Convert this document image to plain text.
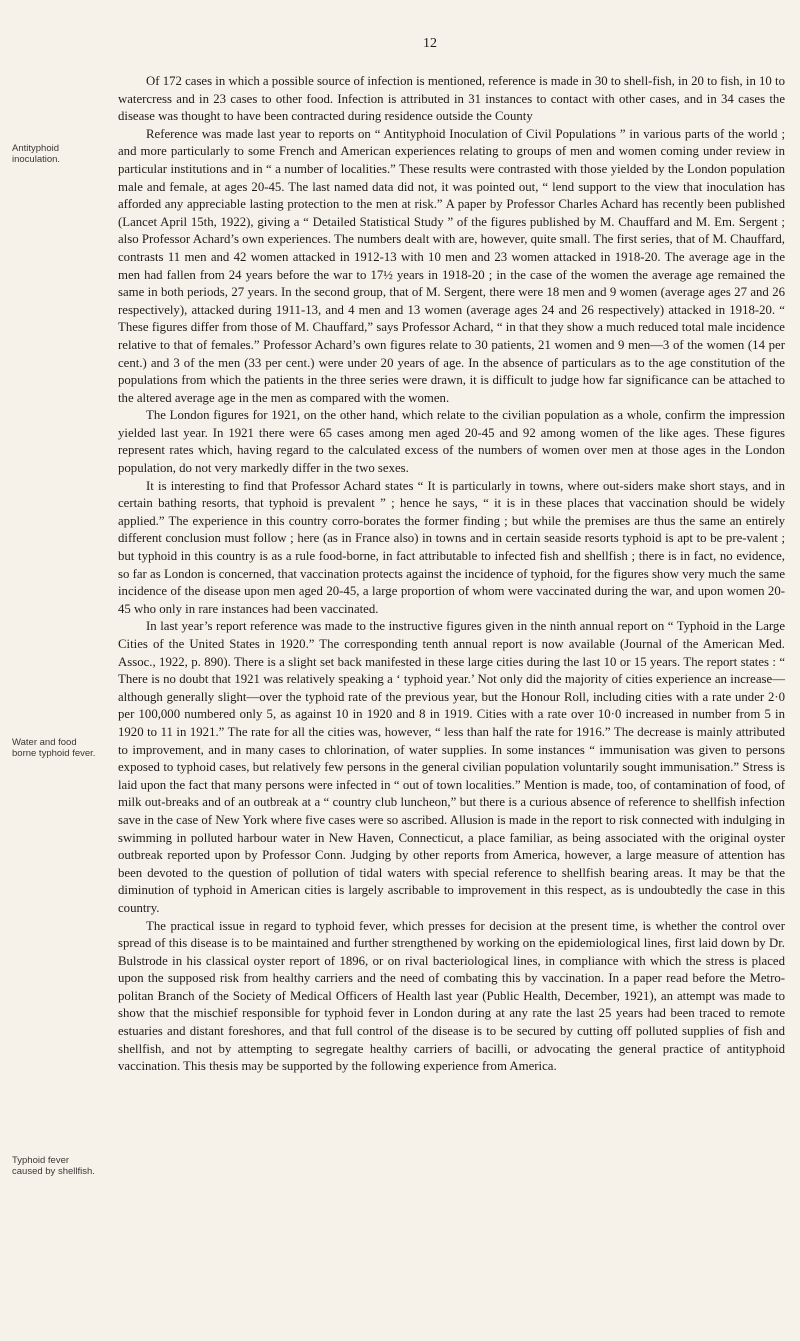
12
Antityphoid inoculation.
Water and food borne typhoid fever.
Typhoid fever caused by shellfish.

Of 172 cases in which a possible source of infection is mentioned, reference is made in 30 to shell-fish, in 20 to fish, in 10 to watercress and in 23 cases to other food. Infection is attributed in 31 instances to contact with other cases, and in 34 cases the disease was thought to have been contracted during residence outside the County

Reference was made last year to reports on “ Antityphoid Inoculation of Civil Populations ” in various parts of the world ; and more particularly to some French and American experiences relating to groups of men and women coming under review in particular institutions and in “ a number of localities.” These results were contrasted with those yielded by the London population male and female, at ages 20-45. The last named data did not, it was pointed out, “ lend support to the view that inoculation has afforded any appreciable lasting protection to the men at risk.” A paper by Professor Charles Achard has recently been published (Lancet April 15th, 1922), giving a “ Detailed Statistical Study ” of the figures published by M. Chauffard and M. Em. Sergent ; also Professor Achard’s own experiences. The numbers dealt with are, however, quite small. The first series, that of M. Chauffard, contrasts 11 men and 42 women attacked in 1912-13 with 10 men and 23 women attacked in 1918-20. The average age in the men had fallen from 24 years before the war to 17½ years in 1918-20 ; in the case of the women the average age remained the same in both periods, 27 years. In the second group, that of M. Sergent, there were 18 men and 9 women (average ages 27 and 26 respectively), attacked during 1911-13, and 4 men and 13 women (average ages 24 and 26 respectively) attacked in 1918-20. “ These figures differ from those of M. Chauffard,” says Professor Achard, “ in that they show a much reduced total male incidence relative to that of females.” Professor Achard’s own figures relate to 30 patients, 21 women and 9 men—3 of the women (14 per cent.) and 3 of the men (33 per cent.) were under 20 years of age. In the absence of particulars as to the age constitution of the populations from which the patients in the three series were drawn, it is difficult to judge how far significance can be attached to the altered average age in the men as compared with the women.

The London figures for 1921, on the other hand, which relate to the civilian population as a whole, confirm the impression yielded last year. In 1921 there were 65 cases among men aged 20-45 and 92 among women of the like ages. These figures represent rates which, having regard to the calculated excess of the numbers of women over men at those ages in the London population, do not very markedly differ in the two sexes.

It is interesting to find that Professor Achard states “ It is particularly in towns, where out-siders make short stays, and in certain bathing resorts, that typhoid is prevalent ” ; hence he says, “ it is in these places that vaccination should be widely applied.” The experience in this country corro-borates the former finding ; but while the premises are thus the same an entirely different conclusion must follow ; here (as in France also) in towns and in certain seaside resorts typhoid is apt to be pre-valent ; but typhoid in this country is as a rule food-borne, in fact attributable to infected fish and shellfish ; there is in fact, no evidence, so far as London is concerned, that vaccination protects against the incidence of typhoid, for the figures show very much the same incidence of the disease upon men aged 20-45, a large proportion of whom were vaccinated during the war, and upon women 20-45 who only in rare instances had been vaccinated.

In last year’s report reference was made to the instructive figures given in the ninth annual report on “ Typhoid in the Large Cities of the United States in 1920.” The corresponding tenth annual report is now available (Journal of the American Med. Assoc., 1922, p. 890). There is a slight set back manifested in these large cities during the last 10 or 15 years. The report states : “ There is no doubt that 1921 was relatively speaking a ‘ typhoid year.’ Not only did the majority of cities experience an increase—although generally slight—over the typhoid rate of the previous year, but the Honour Roll, including cities with a rate under 2·0 per 100,000 numbered only 5, as against 10 in 1920 and 8 in 1919. Cities with a rate over 10·0 increased in number from 5 in 1920 to 11 in 1921.” The rate for all the cities was, however, “ less than half the rate for 1916.” The decrease is mainly attributed to improvement, and in many cases to chlorination, of water supplies. In some instances “ immunisation was given to persons exposed to typhoid cases, but relatively few persons in the general civilian population voluntarily sought immunisation.” Stress is laid upon the fact that many persons were infected in “ out of town localities.” Mention is made, too, of contamination of food, of milk out-breaks and of an outbreak at a “ country club luncheon,” but there is a curious absence of reference to shellfish infection save in the case of New York where five cases were so ascribed. Allusion is made in the report to risk connected with indulging in swimming in polluted harbour water in New Haven, Connecticut, a place familiar, as being associated with the original oyster outbreak reported upon by Professor Conn. Judging by other reports from America, however, a large measure of attention has been devoted to the question of pollution of tidal waters with special reference to shellfish bearing areas. It may be that the diminution of typhoid in American cities is largely ascribable to improvement in this respect, as is undoubtedly the case in this country.

The practical issue in regard to typhoid fever, which presses for decision at the present time, is whether the control over spread of this disease is to be maintained and further strengthened by working on the epidemiological lines, first laid down by Dr. Bulstrode in his classical oyster report of 1896, or on rival bacteriological lines, in compliance with which the stress is placed upon the supposed risk from healthy carriers and the need of combating this by vaccination. In a paper read before the Metro-politan Branch of the Society of Medical Officers of Health last year (Public Health, December, 1921), an attempt was made to show that the mischief responsible for typhoid fever in London during at any rate the last 25 years had been traced to remote estuaries and distant foreshores, and that full control of the disease is to be secured by cutting off polluted supplies of fish and shellfish, and not by attempting to segregate healthy carriers of bacilli, or advocating the general practice of antityphoid vaccination. This thesis may be supported by the following experience from America.
